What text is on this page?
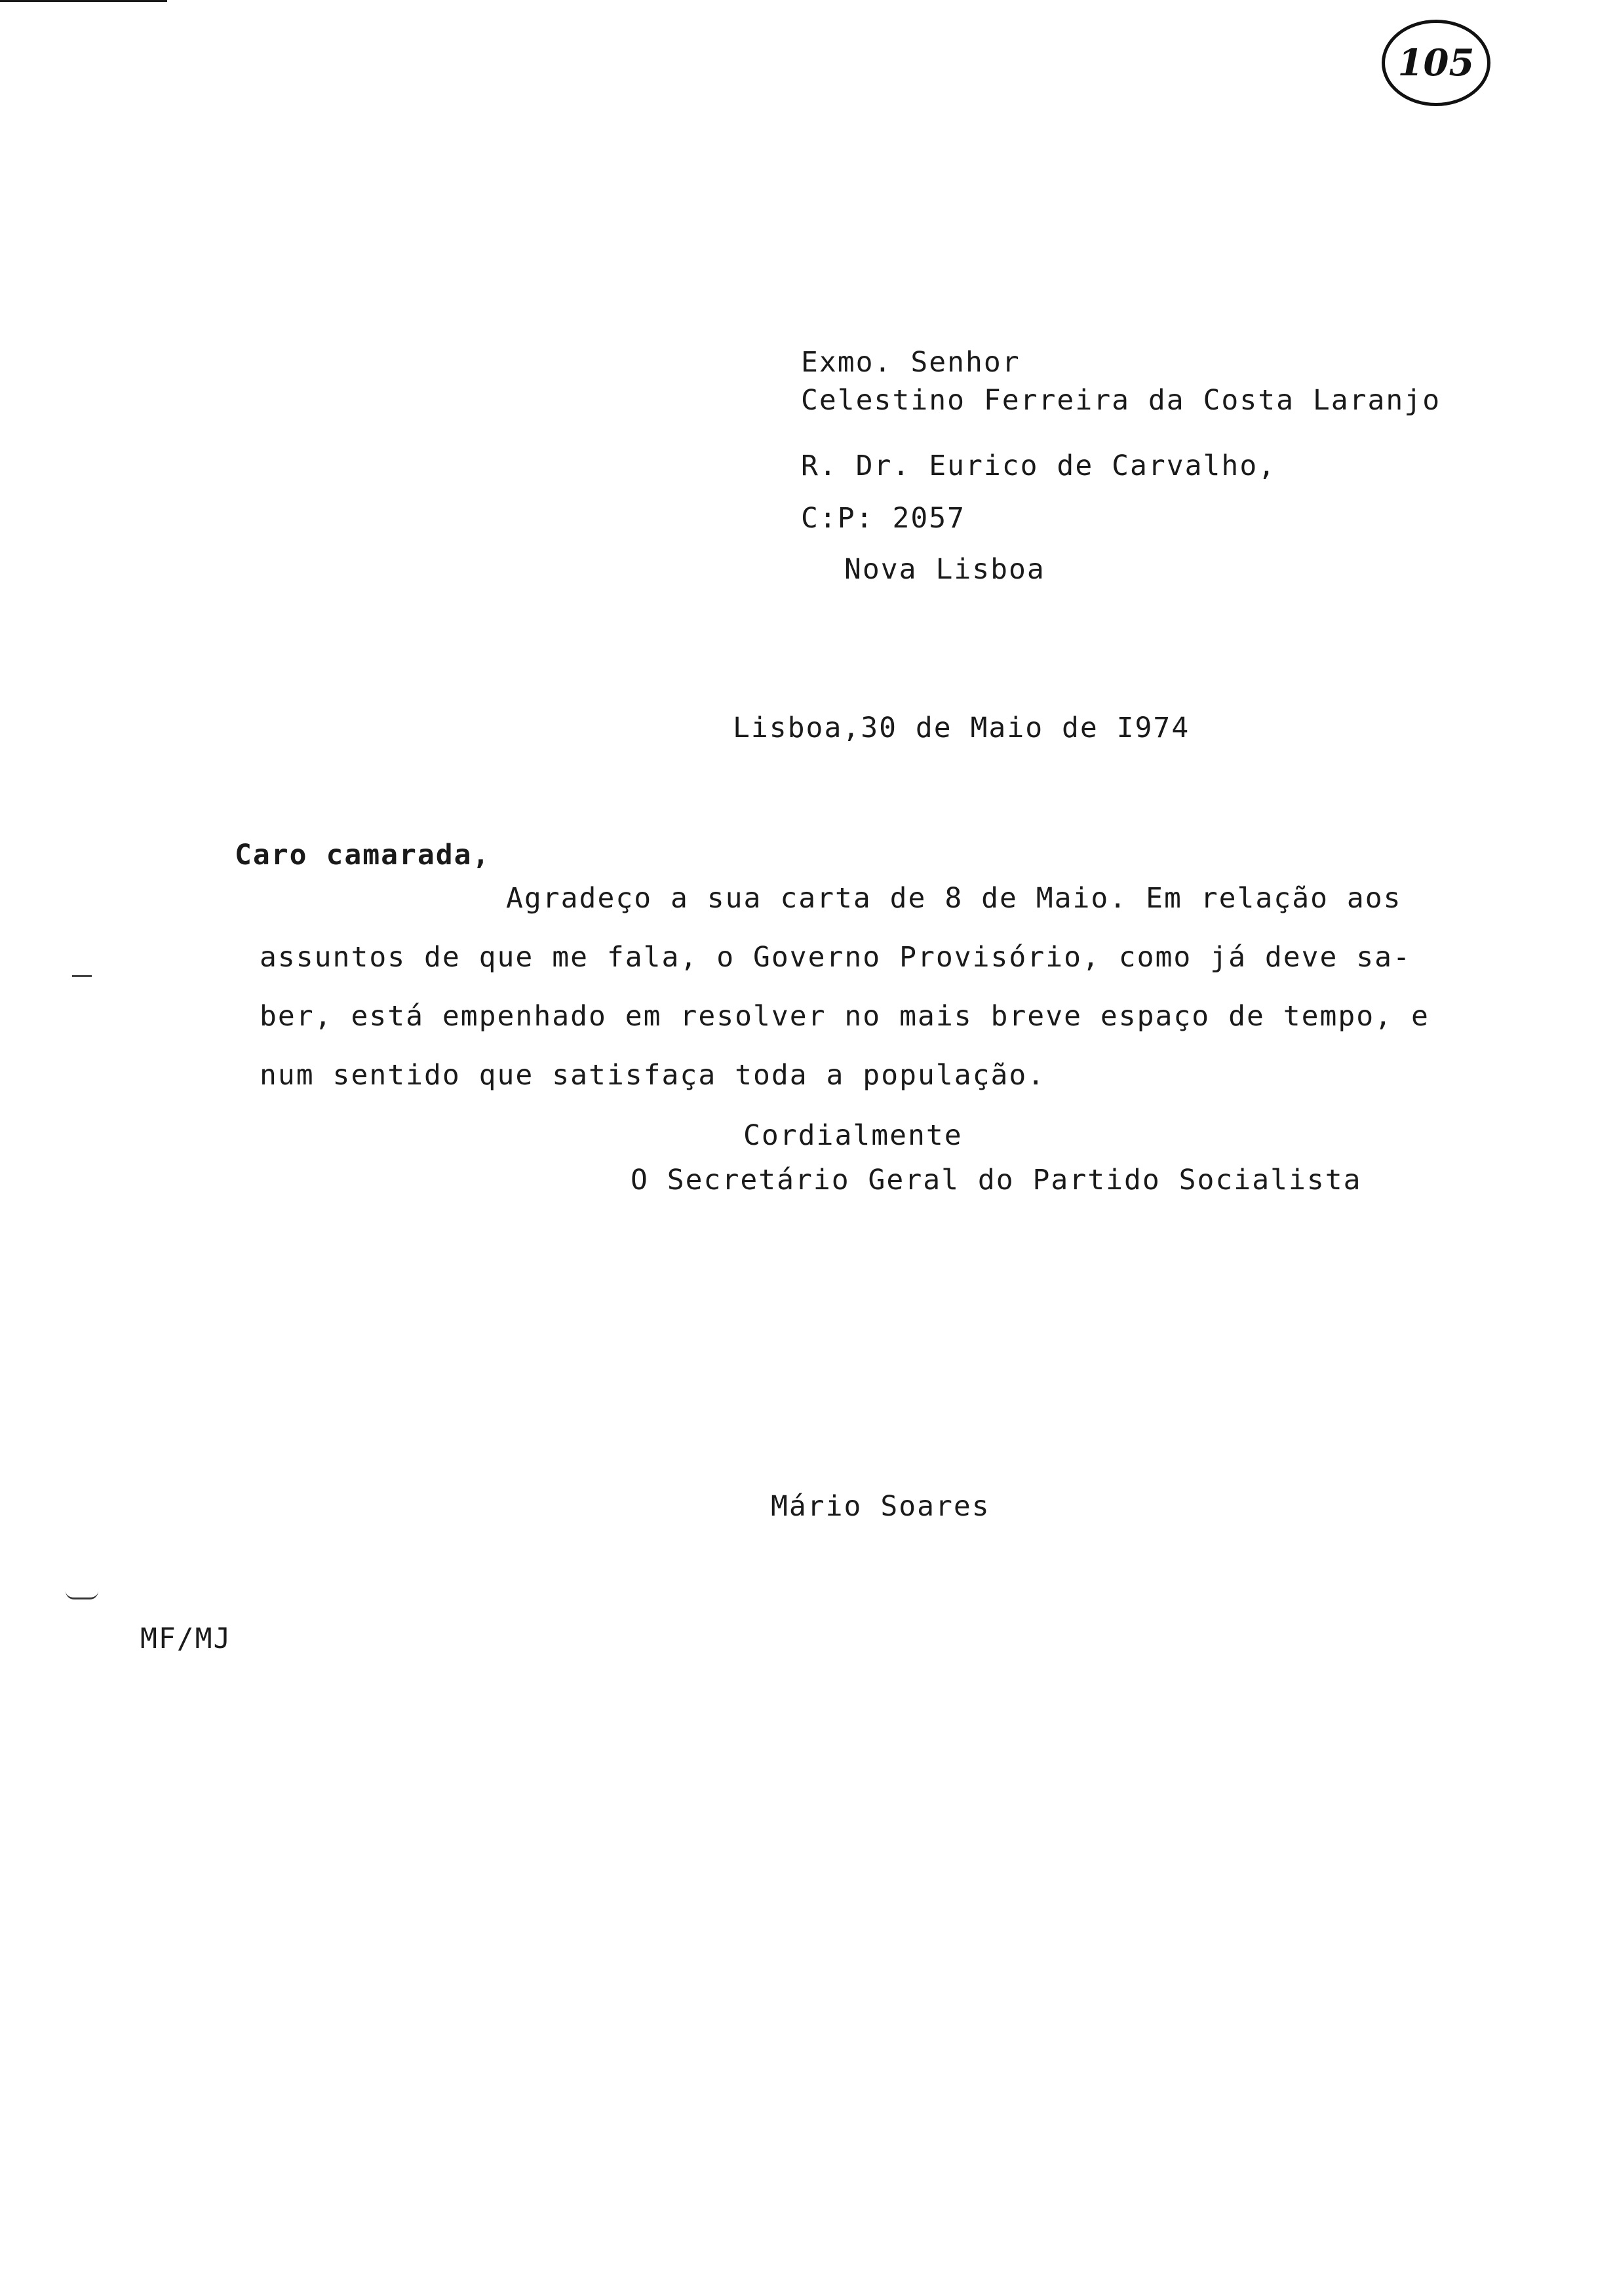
105
Exmo. Senhor
Celestino Ferreira da Costa Laranjo
R. Dr. Eurico de Carvalho,
C:P: 2057
Nova Lisboa
Lisboa,30 de Maio de I974
Caro camarada,
Agradeço a sua carta de 8 de Maio. Em relação aos
assuntos de que me fala, o Governo Provisório, como já deve sa-
ber, está empenhado em resolver no mais breve espaço de tempo, e
num sentido que satisfaça toda a população.
Cordialmente
O Secretário Geral do Partido Socialista
Mário Soares
MF/MJ
